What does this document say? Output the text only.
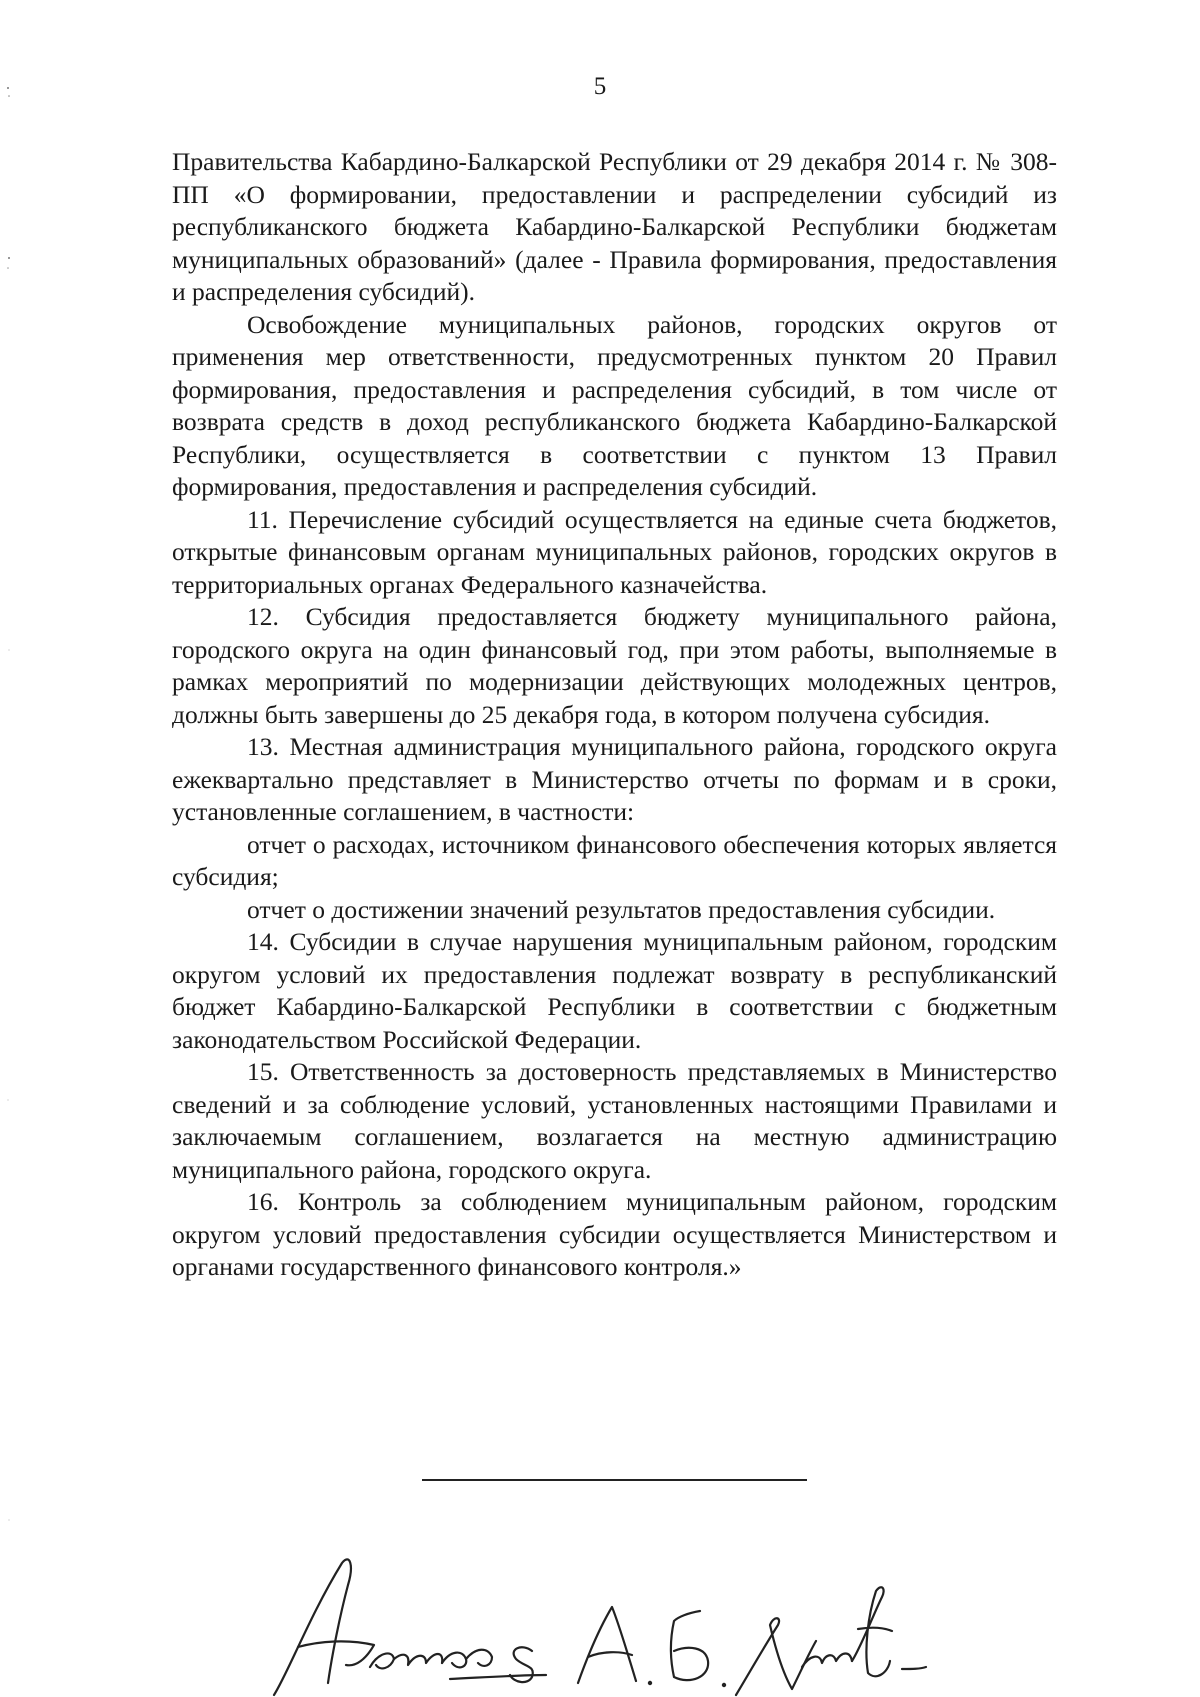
5

Правительства Кабардино-Балкарской Республики от 29 декабря 2014 г. № 308-ПП «О формировании, предоставлении и распределении субсидий из республиканского бюджета Кабардино-Балкарской Республики бюджетам муниципальных образований» (далее - Правила формирования, предоставления и распределения субсидий).

Освобождение муниципальных районов, городских округов от применения мер ответственности, предусмотренных пунктом 20 Правил формирования, предоставления и распределения субсидий, в том числе от возврата средств в доход республиканского бюджета Кабардино-Балкарской Республики, осуществляется в соответствии с пунктом 13 Правил формирования, предоставления и распределения субсидий.

11. Перечисление субсидий осуществляется на единые счета бюджетов, открытые финансовым органам муниципальных районов, городских округов в территориальных органах Федерального казначейства.

12. Субсидия предоставляется бюджету муниципального района, городского округа на один финансовый год, при этом работы, выполняемые в рамках мероприятий по модернизации действующих молодежных центров, должны быть завершены до 25 декабря года, в котором получена субсидия.

13. Местная администрация муниципального района, городского округа ежеквартально представляет в Министерство отчеты по формам и в сроки, установленные соглашением, в частности:

отчет о расходах, источником финансового обеспечения которых является субсидия;

отчет о достижении значений результатов предоставления субсидии.

14. Субсидии в случае нарушения муниципальным районом, городским округом условий их предоставления подлежат возврату в республиканский бюджет Кабардино-Балкарской Республики в соответствии с бюджетным законодательством Российской Федерации.

15. Ответственность за достоверность представляемых в Министерство сведений и за соблюдение условий, установленных настоящими Правилами и заключаемым соглашением, возлагается на местную администрацию муниципального района, городского округа.

16. Контроль за соблюдением муниципальным районом, городским округом условий предоставления субсидии осуществляется Министерством и органами государственного финансового контроля.»
